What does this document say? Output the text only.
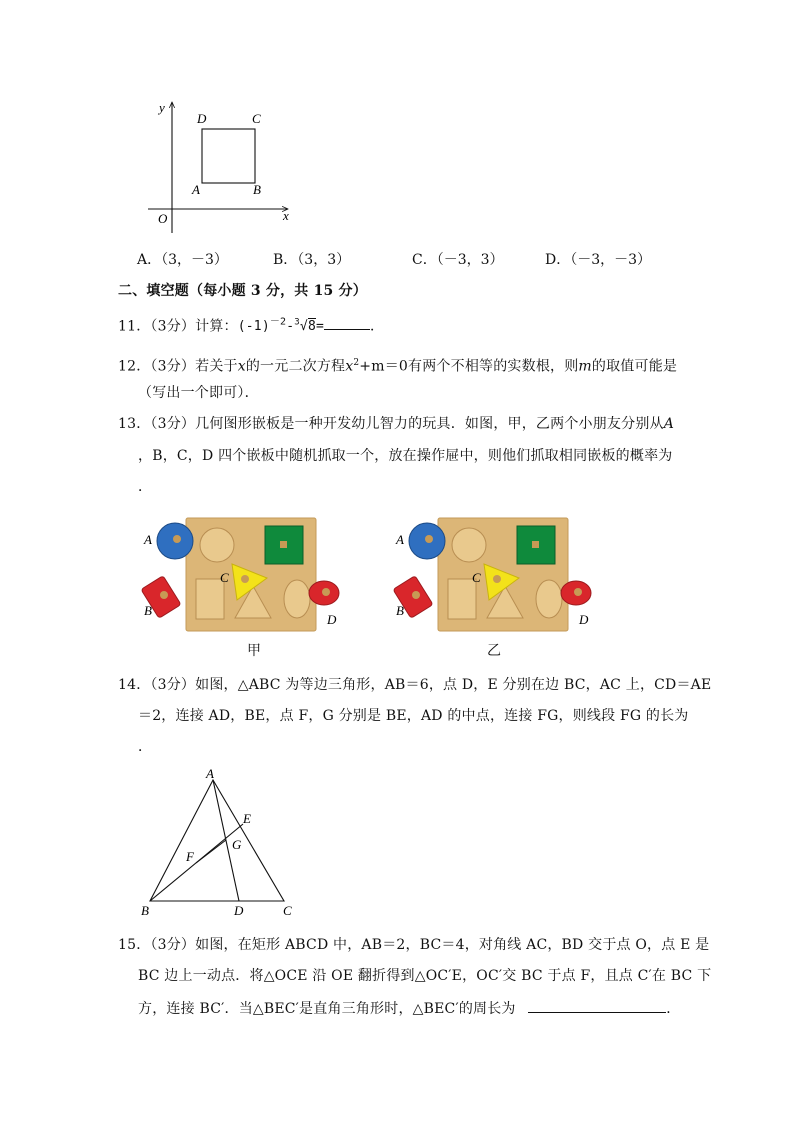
y
x
O
A	B
C
D
A．（3，－3）	B．（3，3）	C．（－3，3）	D．（－3，－3）
二、填空题（每小题 3 分，共 15 分）
11．（3分）计算：$(-1)^{-2}-^3√8=$	．
12．（3分）若关于x的一元二次方程$x^2+m=0$有两个不相等的实数根，则m的取值可能是
（写出一个即可）．
13．（3分）几何图形嵌板是一种开发幼儿智力的玩具．如图，甲，乙两个小朋友分别从A
，B，C，D 四个嵌板中随机抓取一个，放在操作屉中，则他们抓取相同嵌板的概率为
．
A
B
C
D
甲
A
B
C
D
乙
14．（3分）如图，△ABC 为等边三角形，AB＝6，点 D，E 分别在边 BC，AC 上，CD＝AE
＝2，连接 AD，BE，点 F，G 分别是 BE，AD 的中点，连接 FG，则线段 FG 的长为
．
A
B	C
D
E
F
G
15．（3分）如图，在矩形 ABCD 中，AB＝2，BC＝4，对角线 AC，BD 交于点 O，点 E 是
BC 边上一动点．将△OCE 沿 OE 翻折得到△OC′E，OC′交 BC 于点 F，且点 C′在 BC 下
方，连接 BC′．当△BEC′是直角三角形时，△BEC′的周长为	．
